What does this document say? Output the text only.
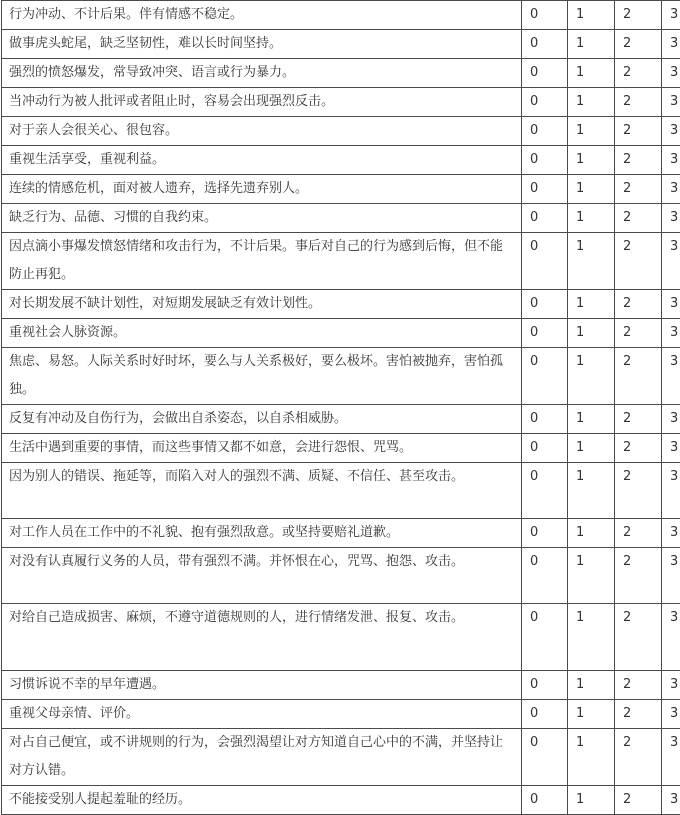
行为冲动、不计后果。伴有情感不稳定。	0	1	2	3
做事虎头蛇尾，缺乏坚韧性，难以长时间坚持。	0	1	2	3
强烈的愤怒爆发，常导致冲突、语言或行为暴力。	0	1	2	3
当冲动行为被人批评或者阻止时，容易会出现强烈反击。	0	1	2	3
对于亲人会很关心、很包容。	0	1	2	3
重视生活享受，重视利益。	0	1	2	3
连续的情感危机，面对被人遗弃，选择先遗弃别人。	0	1	2	3
缺乏行为、品德、习惯的自我约束。	0	1	2	3
因点滴小事爆发愤怒情绪和攻击行为，不计后果。事后对自己的行为感到后悔，但不能防止再犯。	0	1	2	3
对长期发展不缺计划性，对短期发展缺乏有效计划性。	0	1	2	3
重视社会人脉资源。	0	1	2	3
焦虑、易怒。人际关系时好时坏，要么与人关系极好，要么极坏。害怕被抛弃，害怕孤独。	0	1	2	3
反复有冲动及自伤行为，会做出自杀姿态，以自杀相威胁。	0	1	2	3
生活中遇到重要的事情，而这些事情又都不如意，会进行怨恨、咒骂。	0	1	2	3
因为别人的错误、拖延等，而陷入对人的强烈不满、质疑、不信任、甚至攻击。	0	1	2	3
对工作人员在工作中的不礼貌、抱有强烈敌意。或坚持要赔礼道歉。	0	1	2	3
对没有认真履行义务的人员，带有强烈不满。并怀恨在心，咒骂、抱怨、攻击。	0	1	2	3
对给自己造成损害、麻烦，不遵守道德规则的人，进行情绪发泄、报复、攻击。	0	1	2	3
习惯诉说不幸的早年遭遇。	0	1	2	3
重视父母亲情、评价。	0	1	2	3
对占自己便宜，或不讲规则的行为，会强烈渴望让对方知道自己心中的不满，并坚持让对方认错。	0	1	2	3
不能接受别人提起羞耻的经历。	0	1	2	3
